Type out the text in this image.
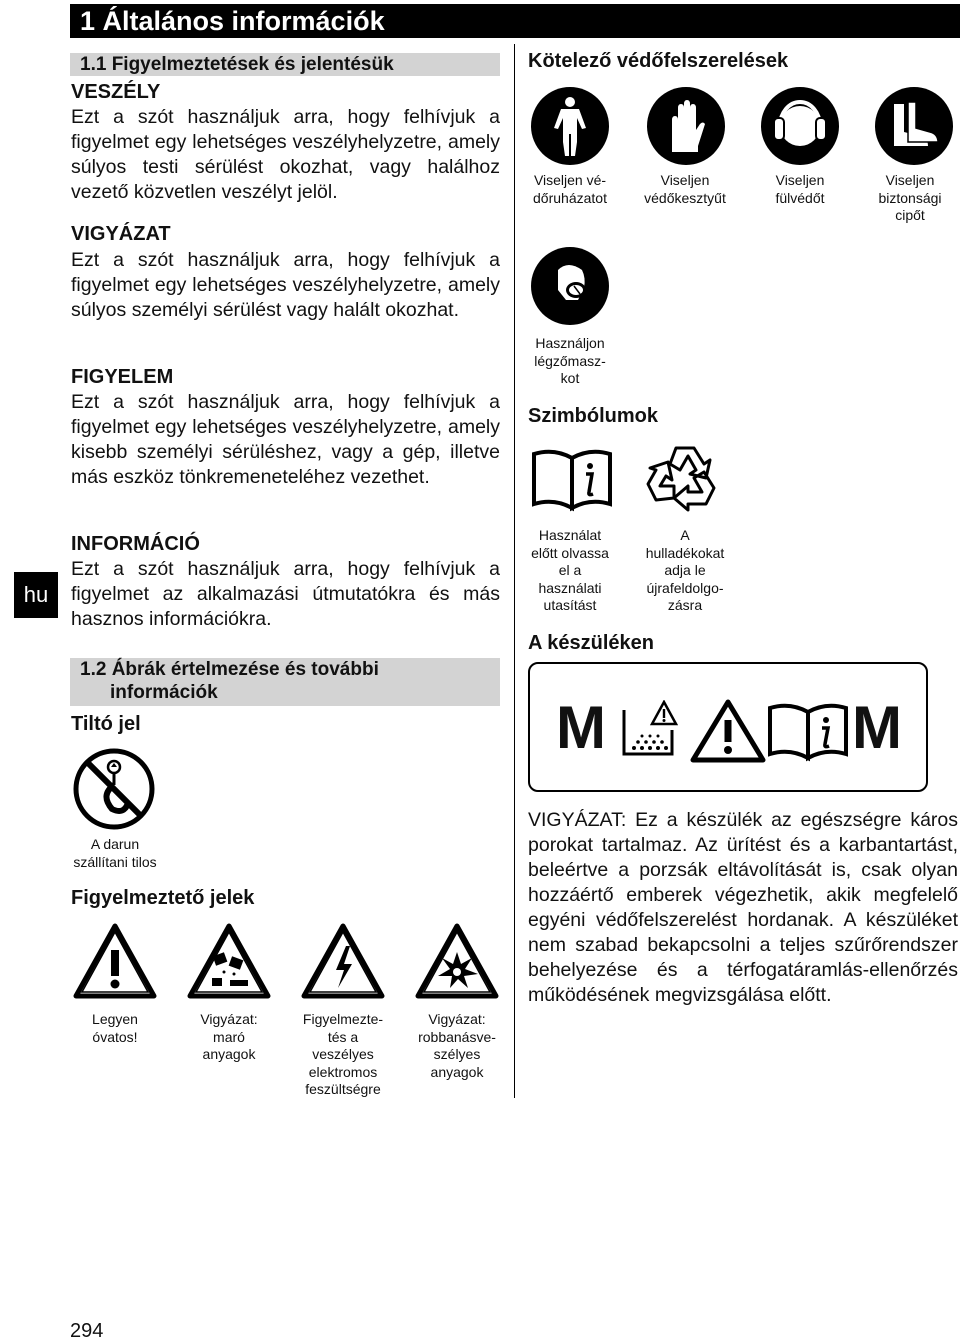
1 Általános információk
hu
1.1 Figyelmeztetések és jelentésük
VESZÉLY
Ezt a szót használjuk arra, hogy felhívjuk a figyelmet egy lehetséges veszélyhelyzetre, amely súlyos testi sérülést okozhat, vagy halálhoz vezető közvetlen veszélyt jelöl.
VIGYÁZAT
Ezt a szót használjuk arra, hogy felhívjuk a figyelmet egy lehetséges veszélyhelyzetre, amely súlyos személyi sérülést vagy halált okozhat.
FIGYELEM
Ezt a szót használjuk arra, hogy felhívjuk a figyelmet egy lehetséges veszélyhelyzetre, amely kisebb személyi sérüléshez, vagy a gép, illetve más eszköz tönkremeneteléhez vezethet.
INFORMÁCIÓ
Ezt a szót használjuk arra, hogy felhívjuk a figyelmet az alkalmazási útmutatókra és más hasznos információkra.
1.2 Ábrák értelmezése és további
információk
Tiltó jel
A darun
szállítani tilos
Figyelmeztető jelek
Legyen
óvatos!
Vigyázat:
maró
anyagok
Figyelmezte-
tés a
veszélyes
elektromos
feszültségre
Vigyázat:
robbanásve-
szélyes
anyagok
Kötelező védőfelszerelések
Viseljen vé-
dőruházatot
Viseljen
védőkesztyűt
Viseljen
fülvédőt
Viseljen
biztonsági
cipőt
Használjon
légzőmasz-
kot
Szimbólumok
Használat
előtt olvassa
el a
használati
utasítást
A
hulladékokat
adja le
újrafeldolgo-
zásra
A készüléken
M	M
VIGYÁZAT: Ez a készülék az egészségre káros porokat tartalmaz. Az ürítést és a karbantartást, beleértve a porzsák eltávolítását is, csak olyan hozzáértő emberek végezhetik, akik megfelelő egyéni védőfelszerelést hordanak. A készüléket nem szabad bekapcsolni a teljes szűrőrendszer behelyezése és a térfogatáramlás-ellenőrzés működésének megvizsgálása előtt.
294
